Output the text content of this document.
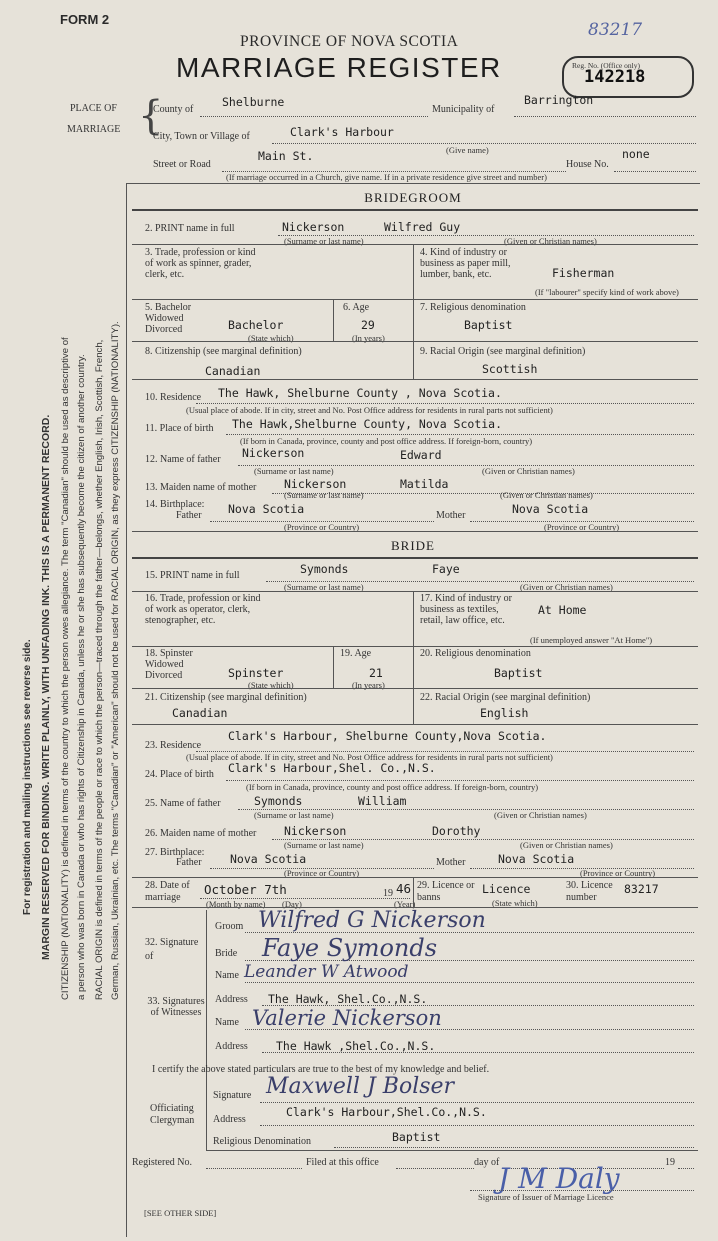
FORM 2
83217
PROVINCE OF NOVA SCOTIA
MARRIAGE REGISTER	Reg. No. (Office only)
142218
PLACE OF
MARRIAGE {
County of
Shelburne
Municipality of
Barrington
City, Town or Village of	Clark's Harbour
(Give name)
Street or Road
Main St.
House No.
none
(If marriage occurred in a Church, give name. If in a private residence give street and number)
For registration and mailing instructions see reverse side. MARGIN RESERVED FOR BINDING. WRITE PLAINLY, WITH UNFADING INK. THIS IS A PERMANENT RECORD. CITIZENSHIP (NATIONALITY) is defined in terms of the country to which the person owes allegiance. The term "Canadian" should be used as descriptive of a person who was born in Canada or who has rights of Citizenship in Canada, unless he or she has subsequently become the citizen of another country. RACIAL ORIGIN is defined in terms of the people or race to which the person—traced through the father—belongs, whether English, Irish, Scottish, French, German, Russian, Ukrainian, etc. The terms "Canadian" or "American" should not be used for RACIAL ORIGIN, as they express CITIZENSHIP (NATIONALITY).
BRIDEGROOM
2. PRINT name in full	Nickerson	Wilfred Guy
(Surname or last name)	(Given or Christian names)
3. Trade, profession or kind of work as spinner, grader, clerk, etc.
4. Kind of industry or business as paper mill, lumber, bank, etc.	Fisherman
(If "labourer" specify kind of work above)
5. Bachelor Widowed Divorced	Bachelor
(State which)
6. Age
29
(In years)
7. Religious denomination
Baptist
8. Citizenship (see marginal definition)
Canadian
9. Racial Origin (see marginal definition)
Scottish
10. Residence The Hawk, Shelburne County , Nova Scotia.
(Usual place of abode. If in city, street and No. Post Office address for residents in rural parts not sufficient)
11. Place of birth The Hawk,Shelburne County, Nova Scotia.
(If born in Canada, province, county and post office address. If foreign-born, country)
12. Name of father Nickerson	Edward
(Surname or last name)	(Given or Christian names)
13. Maiden name of mother Nickerson	Matilda
(Surname or last name)	(Given or Christian names)
14. Birthplace:
Father Nova Scotia	Mother	Nova Scotia
(Province or Country)	(Province or Country)
BRIDE
15. PRINT name in full	Symonds	Faye
(Surname or last name)	(Given or Christian names)
16. Trade, profession or kind of work as operator, clerk, stenographer, etc.
17. Kind of industry or business as textiles, retail, law office, etc.
At Home
(If unemployed answer "At Home")
18. Spinster Widowed Divorced	Spinster
(State which)
19. Age
21
(In years)
20. Religious denomination
Baptist
21. Citizenship (see marginal definition)
Canadian
22. Racial Origin (see marginal definition)
English
23. Residence
Clark's Harbour, Shelburne County,Nova Scotia.
(Usual place of abode. If in city, street and No. Post Office address for residents in rural parts not sufficient)
24. Place of birth Clark's Harbour,Shel. Co.,N.S.
(If born in Canada, province, county and post office address. If foreign-born, country)
25. Name of father	Symonds	William
(Surname or last name)	(Given or Christian names)
26. Maiden name of mother Nickerson	Dorothy
(Surname or last name)	(Given or Christian names)
27. Birthplace:
Father Nova Scotia	Mother	Nova Scotia
(Province or Country)	(Province or Country)
28. Date of marriage
October 7th	19 46
(Month by name) (Day)	(Year)
29. Licence or banns
Licence
(State which)
30. Licence number
83217
32. Signature of
Groom Wilfred G Nickerson
Bride Faye Symonds
Name Leander W Atwood
33. Signatures of Witnesses
Address The Hawk, Shel.Co.,N.S.
Name Valerie Nickerson
Address The Hawk ,Shel.Co.,N.S.
I certify the above stated particulars are true to the best of my knowledge and belief.
Officiating Clergyman
Signature Maxwell J Bolser
Address
Clark's Harbour,Shel.Co.,N.S.
Religious Denomination	Baptist
Registered No.	Filed at this office	day of	19
J M Daly
Signature of Issuer of Marriage Licence
[SEE OTHER SIDE]
